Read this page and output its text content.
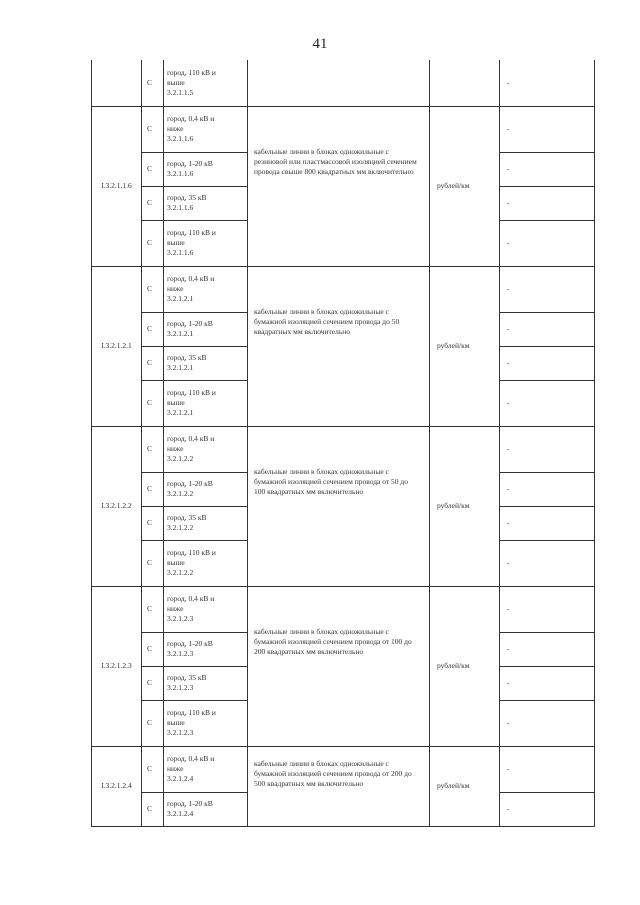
41
	С	город, 110 кВ и
выше
3.2.1.1.5			-
I.3.2.1.1.6	С	город, 0,4 кВ и
ниже
3.2.1.1.6	кабельные линии в блоках одножильные с резиновой или пластмассовой изоляцией сечением провода свыше 800 квадратных мм включительно	рублей/км	-
	С	город, 1-20 кВ
3.2.1.1.6			-
	С	город, 35 кВ
3.2.1.1.6			-
	С	город, 110 кВ и
выше
3.2.1.1.6			-
I.3.2.1.2.1	С	город, 0,4 кВ и
ниже
3.2.1.2.1	кабельные линии в блоках одножильные с бумажной изоляцией сечением провода до 50 квадратных мм включительно	рублей/км	-
	С	город, 1-20 кВ
3.2.1.2.1			-
	С	город, 35 кВ
3.2.1.2.1			-
	С	город, 110 кВ и
выше
3.2.1.2.1			-
I.3.2.1.2.2	С	город, 0,4 кВ и
ниже
3.2.1.2.2	кабельные линии в блоках одножильные с бумажной изоляцией сечением провода от 50 до 100 квадратных мм включительно	рублей/км	-
	С	город, 1-20 кВ
3.2.1.2.2			-
	С	город, 35 кВ
3.2.1.2.2			-
	С	город, 110 кВ и
выше
3.2.1.2.2			-
I.3.2.1.2.3	С	город, 0,4 кВ и
ниже
3.2.1.2.3	кабельные линии в блоках одножильные с бумажной изоляцией сечением провода от 100 до 200 квадратных мм включительно	рублей/км	-
	С	город, 1-20 кВ
3.2.1.2.3			-
	С	город, 35 кВ
3.2.1.2.3			-
	С	город, 110 кВ и
выше
3.2.1.2.3			-
I.3.2.1.2.4	С	город, 0,4 кВ и
ниже
3.2.1.2.4	кабельные линии в блоках одножильные с бумажной изоляцией сечением провода от 200 до 500 квадратных мм включительно	рублей/км	-
	С	город, 1-20 кВ
3.2.1.2.4			-
